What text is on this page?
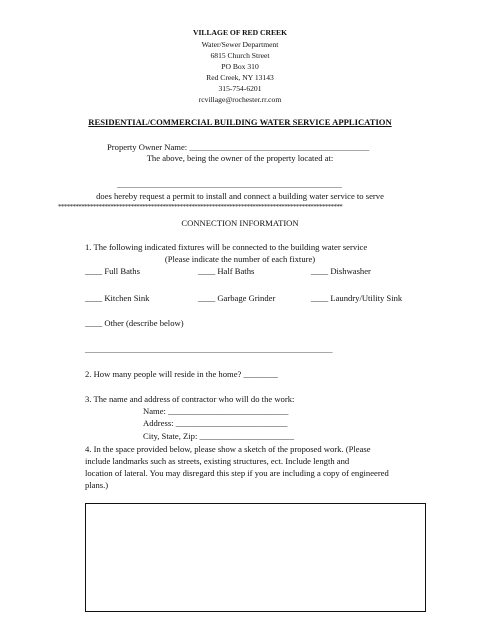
VILLAGE OF RED CREEK
Water/Sewer Department
6815 Church Street
PO Box 310
Red Creek, NY 13143
315-754-6201
rcvillage@rochester.rr.com
RESIDENTIAL/COMMERCIAL BUILDING WATER SERVICE APPLICATION
Property Owner Name: ________________________________________________
The above, being the owner of the property located at:
____________________________________________________________
does hereby request a permit to install and connect a building water service to serve
**************************************************************************************************
CONNECTION INFORMATION
1. The following indicated fixtures will be connected to the building water service
(Please indicate the number of each fixture)
____ Full Baths	____ Half Baths	____ Dishwasher
____ Kitchen Sink	____ Garbage Grinder	____ Laundry/Utility Sink
____ Other (describe below)
__________________________________________________________________
2. How many people will reside in the home? ________
3. The name and address of contractor who will do the work:
Name: ____________________________
Address: __________________________
City, State, Zip: ______________________
4. In the space provided below, please show a sketch of the proposed work. (Please
include landmarks such as streets, existing structures, ect. Include length and
location of lateral. You may disregard this step if you are including a copy of engineered
plans.)
